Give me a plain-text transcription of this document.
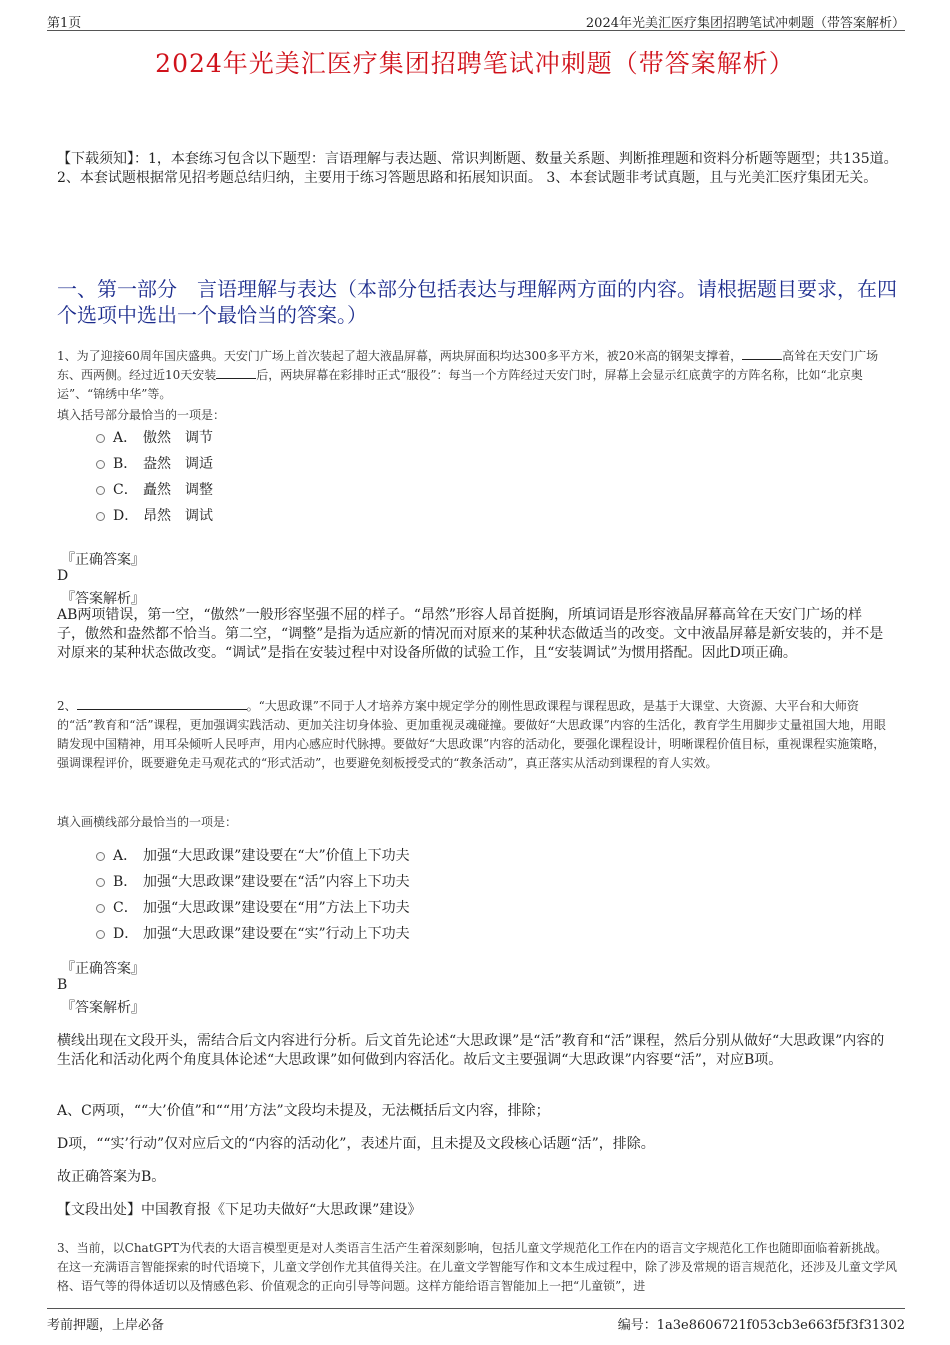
第1页	2024年光美汇医疗集团招聘笔试冲刺题（带答案解析）
2024年光美汇医疗集团招聘笔试冲刺题（带答案解析）
【下载须知】：1，本套练习包含以下题型：言语理解与表达题、常识判断题、数量关系题、判断推理题和资料分析题等题型；共135道。 2、本套试题根据常见招考题总结归纳，主要用于练习答题思路和拓展知识面。 3、本套试题非考试真题，且与光美汇医疗集团无关。
一、第一部分　言语理解与表达（本部分包括表达与理解两方面的内容。请根据题目要求，在四个选项中选出一个最恰当的答案。）
1、为了迎接60周年国庆盛典。天安门广场上首次装起了超大液晶屏幕，两块屏面积均达300多平方米，被20米高的钢架支撑着，	高耸在天安门广场东、西两侧。经过近10天安装	后，两块屏幕在彩排时正式“服役”：每当一个方阵经过天安门时，屏幕上会显示红底黄字的方阵名称，比如“北京奥运”、“锦绣中华”等。
填入括号部分最恰当的一项是：
A． 傲然　调节
B． 盎然　调适
C． 矗然　调整
D． 昂然　调试
『正确答案』
D
『答案解析』
AB两项错误，第一空，“傲然”一般形容坚强不屈的样子。“昂然”形容人昂首挺胸，所填词语是形容液晶屏幕高耸在天安门广场的样子，傲然和盎然都不恰当。第二空，“调整”是指为适应新的情况而对原来的某种状态做适当的改变。文中液晶屏幕是新安装的，并不是对原来的某种状态做改变。“调试”是指在安装过程中对设备所做的试验工作，且“安装调试”为惯用搭配。因此D项正确。
2、	。“大思政课”不同于人才培养方案中规定学分的刚性思政课程与课程思政，是基于大课堂、大资源、大平台和大师资的“活”教育和“活”课程，更加强调实践活动、更加关注切身体验、更加重视灵魂碰撞。要做好“大思政课”内容的生活化，教育学生用脚步丈量祖国大地，用眼睛发现中国精神，用耳朵倾听人民呼声，用内心感应时代脉搏。要做好“大思政课”内容的活动化，要强化课程设计，明晰课程价值目标，重视课程实施策略，强调课程评价，既要避免走马观花式的“形式活动”，也要避免刻板授受式的“教条活动”，真正落实从活动到课程的育人实效。
填入画横线部分最恰当的一项是：
A． 加强“大思政课”建设要在“大”价值上下功夫
B． 加强“大思政课”建设要在“活”内容上下功夫
C． 加强“大思政课”建设要在“用”方法上下功夫
D． 加强“大思政课”建设要在“实”行动上下功夫
『正确答案』
B
『答案解析』
横线出现在文段开头，需结合后文内容进行分析。后文首先论述“大思政课”是“活”教育和“活”课程，然后分别从做好“大思政课”内容的生活化和活动化两个角度具体论述“大思政课”如何做到内容活化。故后文主要强调“大思政课”内容要“活”，对应B项。
A、C两项，““大’价值”和““用’方法”文段均未提及，无法概括后文内容，排除；
D项，““实’行动”仅对应后文的“内容的活动化”，表述片面，且未提及文段核心话题“活”，排除。
故正确答案为B。
【文段出处】中国教育报《下足功夫做好“大思政课”建设》
3、当前，以ChatGPT为代表的大语言模型更是对人类语言生活产生着深刻影响，包括儿童文学规范化工作在内的语言文字规范化工作也随即面临着新挑战。在这一充满语言智能探索的时代语境下，儿童文学创作尤其值得关注。在儿童文学智能写作和文本生成过程中，除了涉及常规的语言规范化，还涉及儿童文学风格、语气等的得体适切以及情感色彩、价值观念的正向引导等问题。这样方能给语言智能加上一把“儿童锁”，进
考前押题，上岸必备	编号：1a3e8606721f053cb3e663f5f3f31302
